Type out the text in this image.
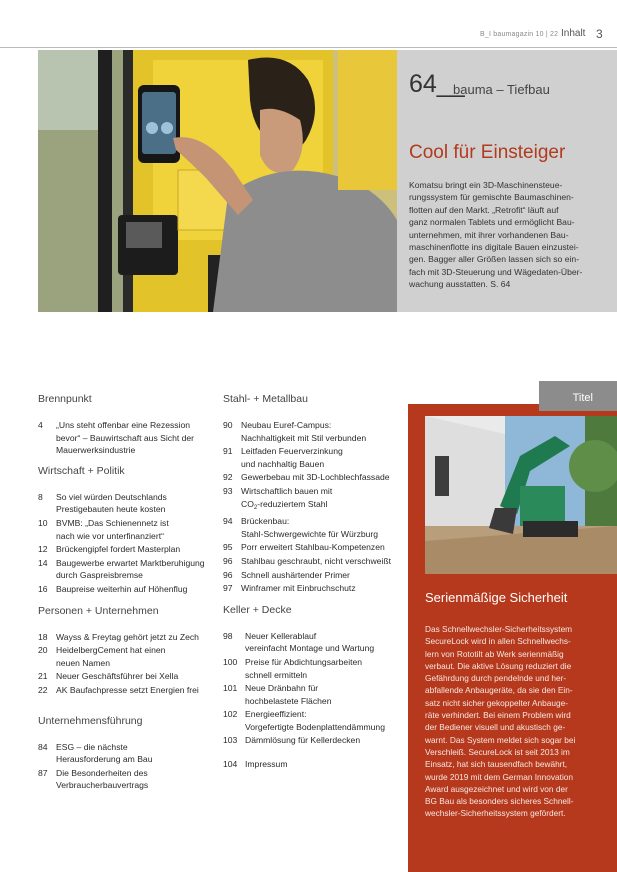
B_I baumagazin 10 | 22 Inhalt 3
64__
bauma – Tiefbau
Cool für Einsteiger
Komatsu bringt ein 3D-Maschinensteue-
rungssystem für gemischte Baumaschinen-
flotten auf den Markt. „Retrofit“ läuft auf
ganz normalen Tablets und ermöglicht Bau-
unternehmen, mit ihrer vorhandenen Bau-
maschinenflotte ins digitale Bauen einzustei-
gen. Bagger aller Größen lassen sich so ein-
fach mit 3D-Steuerung und Wägedaten-Über-
wachung ausstatten. S. 64
Brennpunkt
4	„Uns steht offenbar eine Rezession
bevor“ – Bauwirtschaft aus Sicht der
Mauerwerksindustrie
Wirtschaft + Politik
8	So viel würden Deutschlands
Prestigebauten heute kosten
10 BVMB: „Das Schienennetz ist
nach wie vor unterfinanziert“
12 Brückengipfel fordert Masterplan
14 Baugewerbe erwartet Marktberuhigung
durch Gaspreisbremse
16 Baupreise weiterhin auf Höhenflug
Personen + Unternehmen
18 Wayss & Freytag gehört jetzt zu Zech
20 HeidelbergCement hat einen
neuen Namen
21 Neuer Geschäftsführer bei Xella
22 AK Baufachpresse setzt Energien frei
Unternehmensführung
84 ESG – die nächste
Herausforderung am Bau
87 Die Besonderheiten des
Verbraucherbauvertrags
Stahl- + Metallbau
90 Neubau Euref-Campus:
Nachhaltigkeit mit Stil verbunden
91 Leitfaden Feuerverzinkung
und nachhaltig Bauen
92 Gewerbebau mit 3D-Lochblechfassade
93 Wirtschaftlich bauen mit
$CO_2$-reduziertem Stahl
94 Brückenbau:
Stahl-Schwergewichte für Würzburg
95 Porr erweitert Stahlbau-Kompetenzen
96 Stahlbau geschraubt, nicht verschweißt
96 Schnell aushärtender Primer
97 Winframer mit Einbruchschutz
Keller + Decke
98	Neuer Kellerablauf
vereinfacht Montage und Wartung
100 Preise für Abdichtungsarbeiten
schnell ermitteln
101 Neue Dränbahn für
hochbelastete Flächen
102 Energieeffizient:
Vorgefertigte Bodenplattendämmung
103 Dämmlösung für Kellerdecken
104 Impressum
Serienmäßige Sicherheit
Das Schnellwechsler-Sicherheitssystem
SecureLock wird in allen Schnellwechs-
lern von Rototilt ab Werk serienmäßig
verbaut. Die aktive Lösung reduziert die
Gefährdung durch pendelnde und her-
abfallende Anbaugeräte, da sie den Ein-
satz nicht sicher gekoppelter Anbauge-
räte verhindert. Bei einem Problem wird
der Bediener visuell und akustisch ge-
warnt. Das System meldet sich sogar bei
Verschleiß. SecureLock ist seit 2013 im
Einsatz, hat sich tausendfach bewährt,
wurde 2019 mit dem German Innovation
Award ausgezeichnet und wird von der
BG Bau als besonders sicheres Schnell-
wechsler-Sicherheitssystem gefördert.
Titel
